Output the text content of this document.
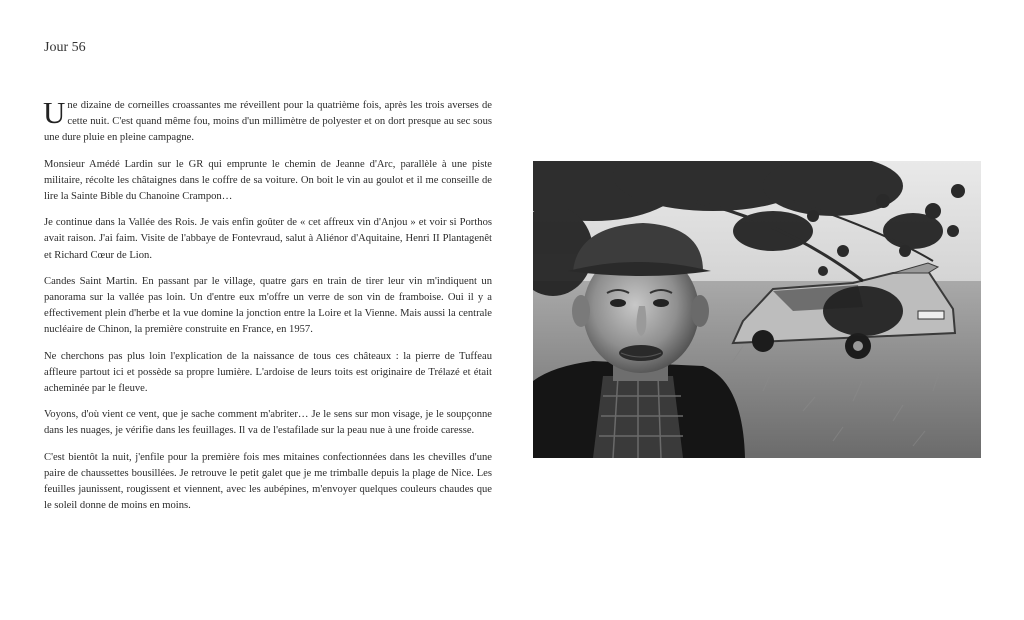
Jour 56

Une dizaine de corneilles croassantes me réveillent pour la quatrième fois, après les trois averses de cette nuit. C'est quand même fou, moins d'un millimètre de polyester et on dort presque au sec sous une dure pluie en pleine campagne.

Monsieur Amédé Lardin sur le GR qui emprunte le chemin de Jeanne d'Arc, parallèle à une piste militaire, récolte les châtaignes dans le coffre de sa voiture. On boit le vin au goulot et il me conseille de lire la Sainte Bible du Chanoine Crampon…

Je continue dans la Vallée des Rois. Je vais enfin goûter de « cet affreux vin d'Anjou » et voir si Porthos avait raison. J'ai faim. Visite de l'abbaye de Fontevraud, salut à Aliénor d'Aquitaine, Henri II Plantagenêt et Richard Cœur de Lion.

Candes Saint Martin. En passant par le village, quatre gars en train de tirer leur vin m'indiquent un panorama sur la vallée pas loin. Un d'entre eux m'offre un verre de son vin de framboise. Oui il y a effectivement plein d'herbe et la vue domine la jonction entre la Loire et la Vienne. Mais aussi la centrale nucléaire de Chinon, la première construite en France, en 1957.

Ne cherchons pas plus loin l'explication de la naissance de tous ces châteaux : la pierre de Tuffeau affleure partout ici et possède sa propre lumière. L'ardoise de leurs toits est originaire de Trélazé et était acheminée par le fleuve.

Voyons, d'où vient ce vent, que je sache comment m'abriter… Je le sens sur mon visage, je le soupçonne dans les nuages, je vérifie dans les feuillages. Il va de l'estafilade sur la peau nue à une froide caresse.

C'est bientôt la nuit, j'enfile pour la première fois mes mitaines confectionnées dans les chevilles d'une paire de chaussettes bousillées. Je retrouve le petit galet que je me trimballe depuis la plage de Nice. Les feuilles jaunissent, rougissent et viennent, avec les aubépines, m'envoyer quelques couleurs chaudes que le soleil donne de moins en moins.
